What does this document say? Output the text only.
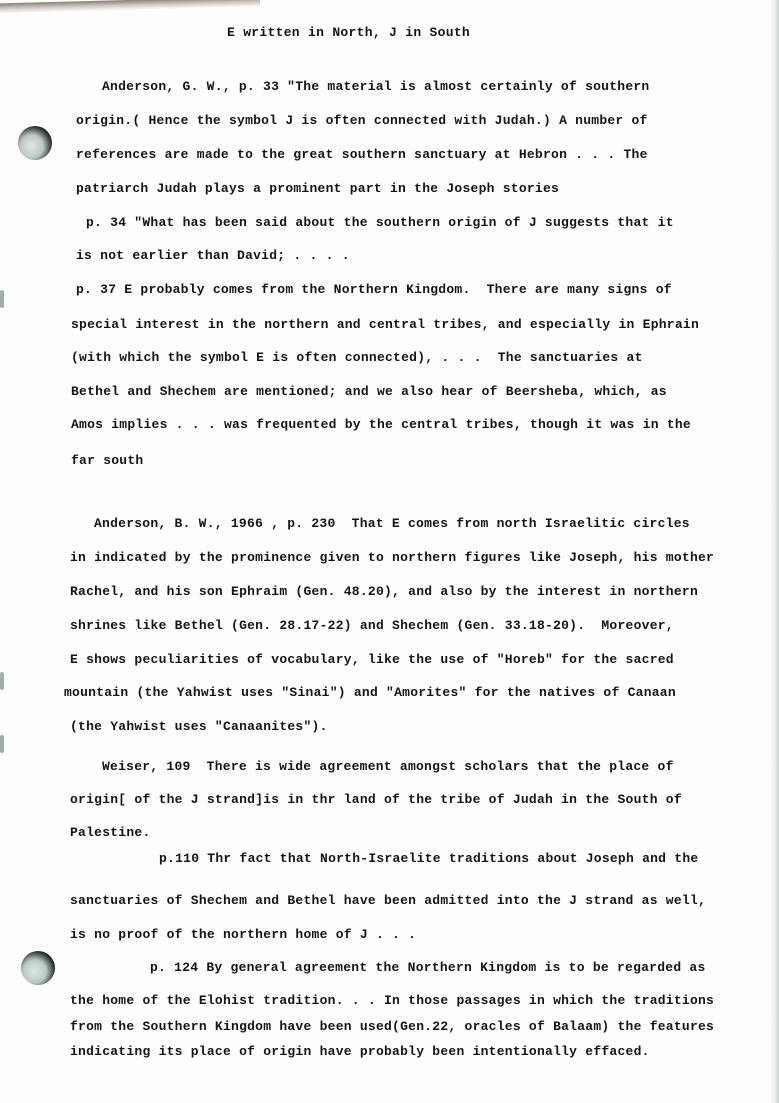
E written in North, J in South
Anderson, G. W., p. 33 "The material is almost certainly of southern
origin.( Hence the symbol J is often connected with Judah.) A number of
references are made to the great southern sanctuary at Hebron . . . The
patriarch Judah plays a prominent part in the Joseph stories
p. 34 "What has been said about the southern origin of J suggests that it
is not earlier than David; . . . .
p. 37 E probably comes from the Northern Kingdom.  There are many signs of
special interest in the northern and central tribes, and especially in Ephrain
(with which the symbol E is often connected), . . .  The sanctuaries at
Bethel and Shechem are mentioned; and we also hear of Beersheba, which, as
Amos implies . . . was frequented by the central tribes, though it was in the
far south
Anderson, B. W., 1966 , p. 230  That E comes from north Israelitic circles
in indicated by the prominence given to northern figures like Joseph, his mother
Rachel, and his son Ephraim (Gen. 48.20), and also by the interest in northern
shrines like Bethel (Gen. 28.17-22) and Shechem (Gen. 33.18-20).  Moreover,
E shows peculiarities of vocabulary, like the use of "Horeb" for the sacred
mountain (the Yahwist uses "Sinai") and "Amorites" for the natives of Canaan
(the Yahwist uses "Canaanites").
Weiser, 109  There is wide agreement amongst scholars that the place of
origin[ of the J strand]is in thr land of the tribe of Judah in the South of
Palestine.
p.110 Thr fact that North-Israelite traditions about Joseph and the
sanctuaries of Shechem and Bethel have been admitted into the J strand as well,
is no proof of the northern home of J . . .
p. 124 By general agreement the Northern Kingdom is to be regarded as
the home of the Elohist tradition. . . In those passages in which the traditions
from the Southern Kingdom have been used(Gen.22, oracles of Balaam) the features
indicating its place of origin have probably been intentionally effaced.
